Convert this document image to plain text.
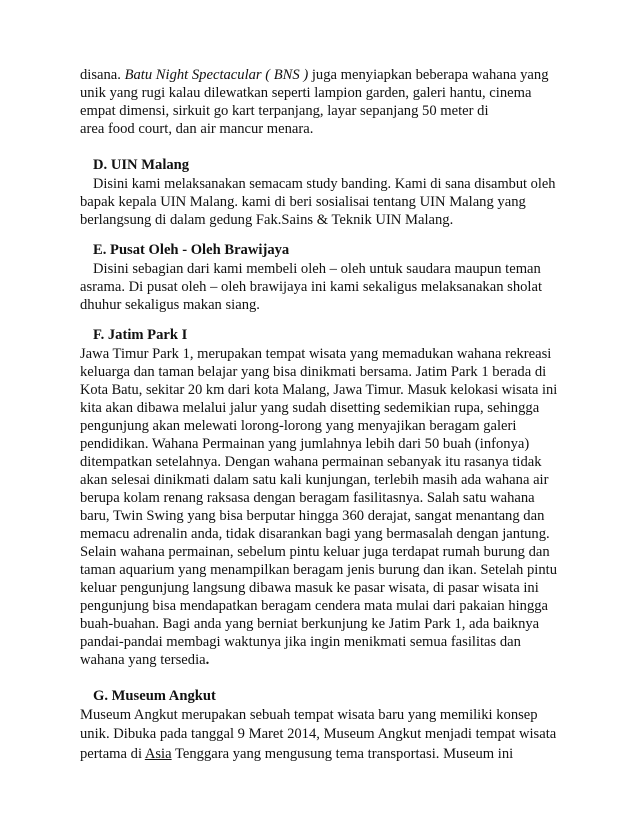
disana. Batu Night Spectacular ( BNS ) juga menyiapkan beberapa wahana yang
unik yang rugi kalau dilewatkan seperti lampion garden, galeri hantu, cinema
empat dimensi, sirkuit go kart terpanjang, layar sepanjang 50 meter di
area food court, dan air mancur menara.
D. UIN Malang
Disini kami melaksanakan semacam study banding. Kami di sana disambut oleh
bapak kepala UIN Malang. kami di beri sosialisai tentang UIN Malang yang
berlangsung di dalam gedung Fak.Sains & Teknik UIN Malang.
E. Pusat Oleh - Oleh Brawijaya
Disini sebagian dari kami membeli oleh – oleh untuk saudara maupun teman
asrama. Di pusat oleh – oleh brawijaya ini kami sekaligus melaksanakan sholat
dhuhur sekaligus makan siang.
F. Jatim Park I
Jawa Timur Park 1, merupakan tempat wisata yang memadukan wahana rekreasi
keluarga dan taman belajar yang bisa dinikmati bersama. Jatim Park 1 berada di
Kota Batu, sekitar 20 km dari kota Malang, Jawa Timur. Masuk kelokasi wisata ini
kita akan dibawa melalui jalur yang sudah disetting sedemikian rupa, sehingga
pengunjung akan melewati lorong-lorong yang menyajikan beragam galeri
pendidikan. Wahana Permainan yang jumlahnya lebih dari 50 buah (infonya)
ditempatkan setelahnya. Dengan wahana permainan sebanyak itu rasanya tidak
akan selesai dinikmati dalam satu kali kunjungan, terlebih masih ada wahana air
berupa kolam renang raksasa dengan beragam fasilitasnya. Salah satu wahana
baru, Twin Swing yang bisa berputar hingga 360 derajat, sangat menantang dan
memacu adrenalin anda, tidak disarankan bagi yang bermasalah dengan jantung.
Selain wahana permainan, sebelum pintu keluar juga terdapat rumah burung dan
taman aquarium yang menampilkan beragam jenis burung dan ikan. Setelah pintu
keluar pengunjung langsung dibawa masuk ke pasar wisata, di pasar wisata ini
pengunjung bisa mendapatkan beragam cendera mata mulai dari pakaian hingga
buah-buahan. Bagi anda yang berniat berkunjung ke Jatim Park 1, ada baiknya
pandai-pandai membagi waktunya jika ingin menikmati semua fasilitas dan
wahana yang tersedia.
G. Museum Angkut
Museum Angkut merupakan sebuah tempat wisata baru yang memiliki konsep
unik. Dibuka pada tanggal 9 Maret 2014, Museum Angkut menjadi tempat wisata
pertama di Asia Tenggara yang mengusung tema transportasi. Museum ini
